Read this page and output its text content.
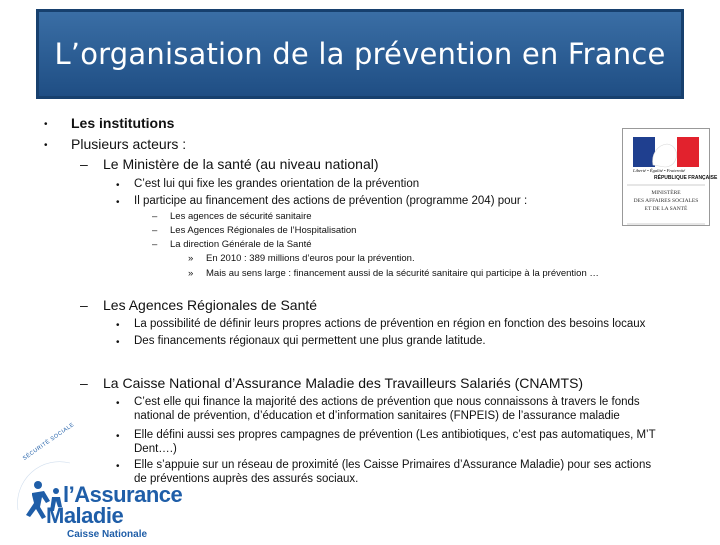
L’organisation de la prévention en France
• Les institutions
• Plusieurs acteurs :
– Le Ministère de la santé (au niveau national)
• C’est lui qui fixe les grandes orientation de la prévention
• Il participe au financement des actions de prévention (programme 204) pour :
– Les agences de sécurité sanitaire
– Les Agences Régionales de l’Hospitalisation
– La direction Générale de la Santé
» En 2010 : 389 millions d’euros pour la prévention.
» Mais au sens large : financement aussi de la sécurité sanitaire qui participe à la prévention …
– Les Agences Régionales de Santé
• La possibilité de définir leurs propres actions de prévention en région en fonction des besoins locaux
• Des financements régionaux qui permettent une plus grande latitude.
– La Caisse National d’Assurance Maladie des Travailleurs Salariés (CNAMTS)
• C’est elle qui finance la majorité des actions de prévention que nous connaissons à travers le fonds
national de prévention, d’éducation et d’information sanitaires (FNPEIS) de l’assurance maladie
• Elle défini aussi ses propres campagnes de prévention (Les antibiotiques, c’est pas automatiques, M’T
Dent….)
• Elle s’appuie sur un réseau de proximité (les Caisse Primaires d’Assurance Maladie) pour ses actions
de préventions auprès des assurés sociaux.
Liberté • Égalité • Fraternité
RÉPUBLIQUE FRANÇAISE
MINISTÈRE
DES AFFAIRES SOCIALES
ET DE LA SANTÉ
SÉCURITÉ SOCIALE
l’Assurance
Maladie
Caisse Nationale
